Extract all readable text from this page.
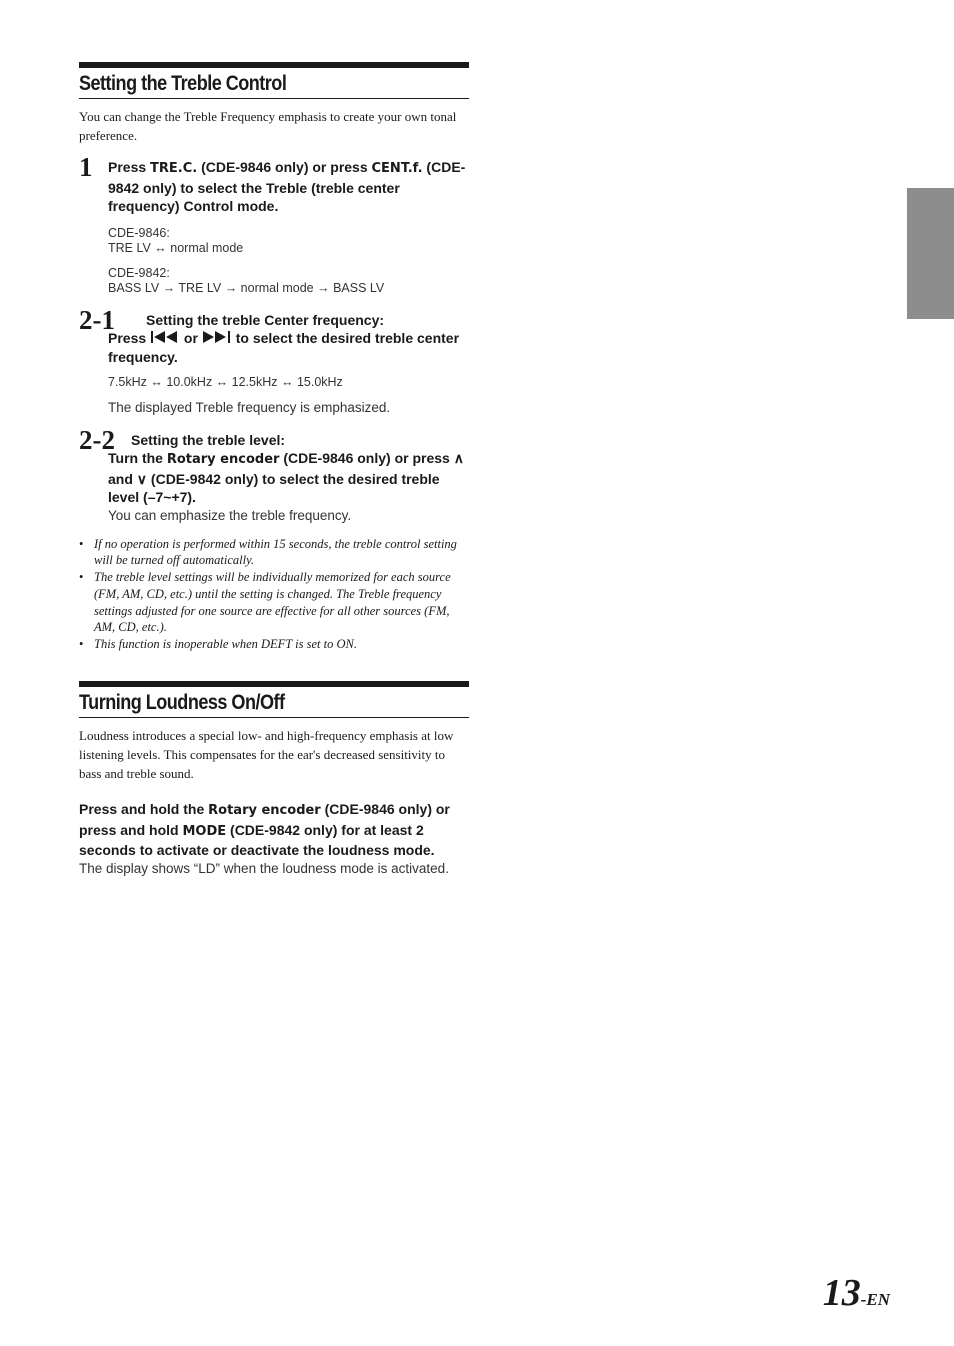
Setting the Treble Control

You can change the Treble Frequency emphasis to create your own tonal preference.

1 Press TRE.C. (CDE-9846 only) or press CENT.f. (CDE-9842 only) to select the Treble (treble center frequency) Control mode.
CDE-9846:
TRE LV ↔ normal mode
CDE-9842:
BASS LV → TRE LV → normal mode → BASS LV
2-1	Setting the treble Center frequency:
Press  or  to select the desired treble center frequency.
7.5kHz ↔ 10.0kHz ↔ 12.5kHz ↔ 15.0kHz
The displayed Treble frequency is emphasized.
2-2	Setting the treble level:
Turn the Rotary encoder (CDE-9846 only) or press ∧ and ∨ (CDE-9842 only) to select the desired treble level (–7~+7).
You can emphasize the treble frequency.
• If no operation is performed within 15 seconds, the treble control setting will be turned off automatically.
• The treble level settings will be individually memorized for each source (FM, AM, CD, etc.) until the setting is changed. The Treble frequency settings adjusted for one source are effective for all other sources (FM, AM, CD, etc.).
• This function is inoperable when DEFT is set to ON.
Turning Loudness On/Off

Loudness introduces a special low- and high-frequency emphasis at low listening levels. This compensates for the ear's decreased sensitivity to bass and treble sound.

Press and hold the Rotary encoder (CDE-9846 only) or press and hold MODE (CDE-9842 only) for at least 2 seconds to activate or deactivate the loudness mode.
The display shows “LD” when the loudness mode is activated.
13-EN
